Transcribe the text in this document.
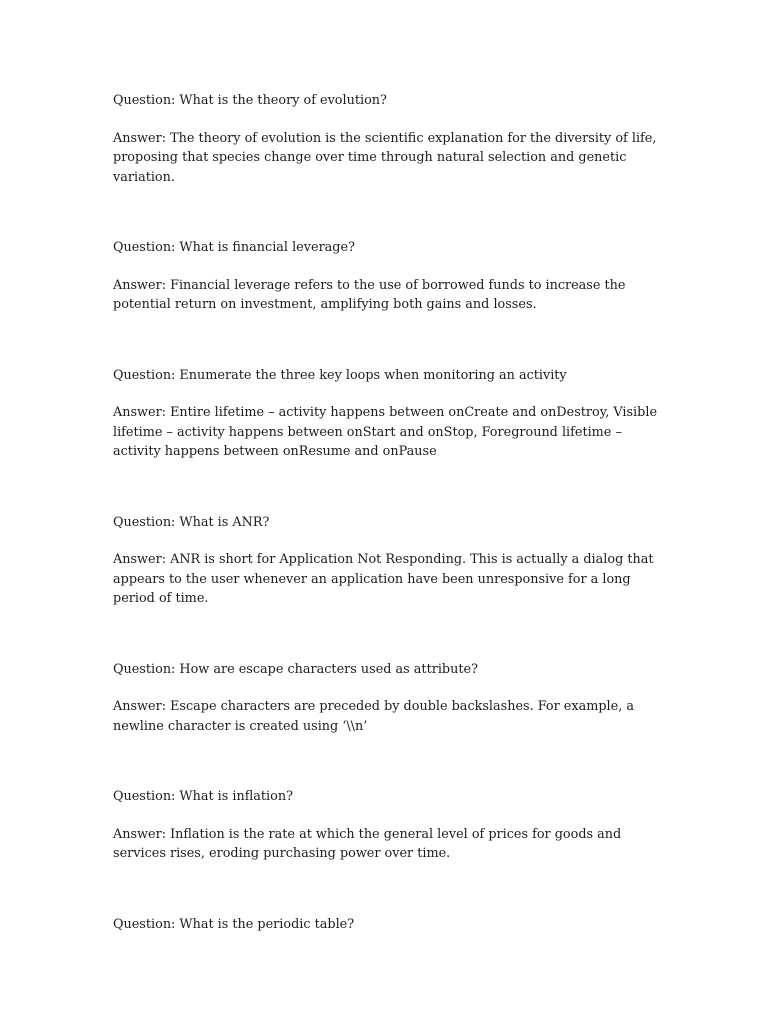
Question: What is the theory of evolution?

Answer: The theory of evolution is the scientific explanation for the diversity of life, proposing that species change over time through natural selection and genetic variation.

Question: What is financial leverage?

Answer: Financial leverage refers to the use of borrowed funds to increase the potential return on investment, amplifying both gains and losses.

Question: Enumerate the three key loops when monitoring an activity

Answer: Entire lifetime – activity happens between onCreate and onDestroy, Visible lifetime – activity happens between onStart and onStop, Foreground lifetime – activity happens between onResume and onPause

Question: What is ANR?

Answer: ANR is short for Application Not Responding. This is actually a dialog that appears to the user whenever an application have been unresponsive for a long period of time.

Question: How are escape characters used as attribute?

Answer: Escape characters are preceded by double backslashes. For example, a newline character is created using ‘\\n’

Question: What is inflation?

Answer: Inflation is the rate at which the general level of prices for goods and services rises, eroding purchasing power over time.

Question: What is the periodic table?
